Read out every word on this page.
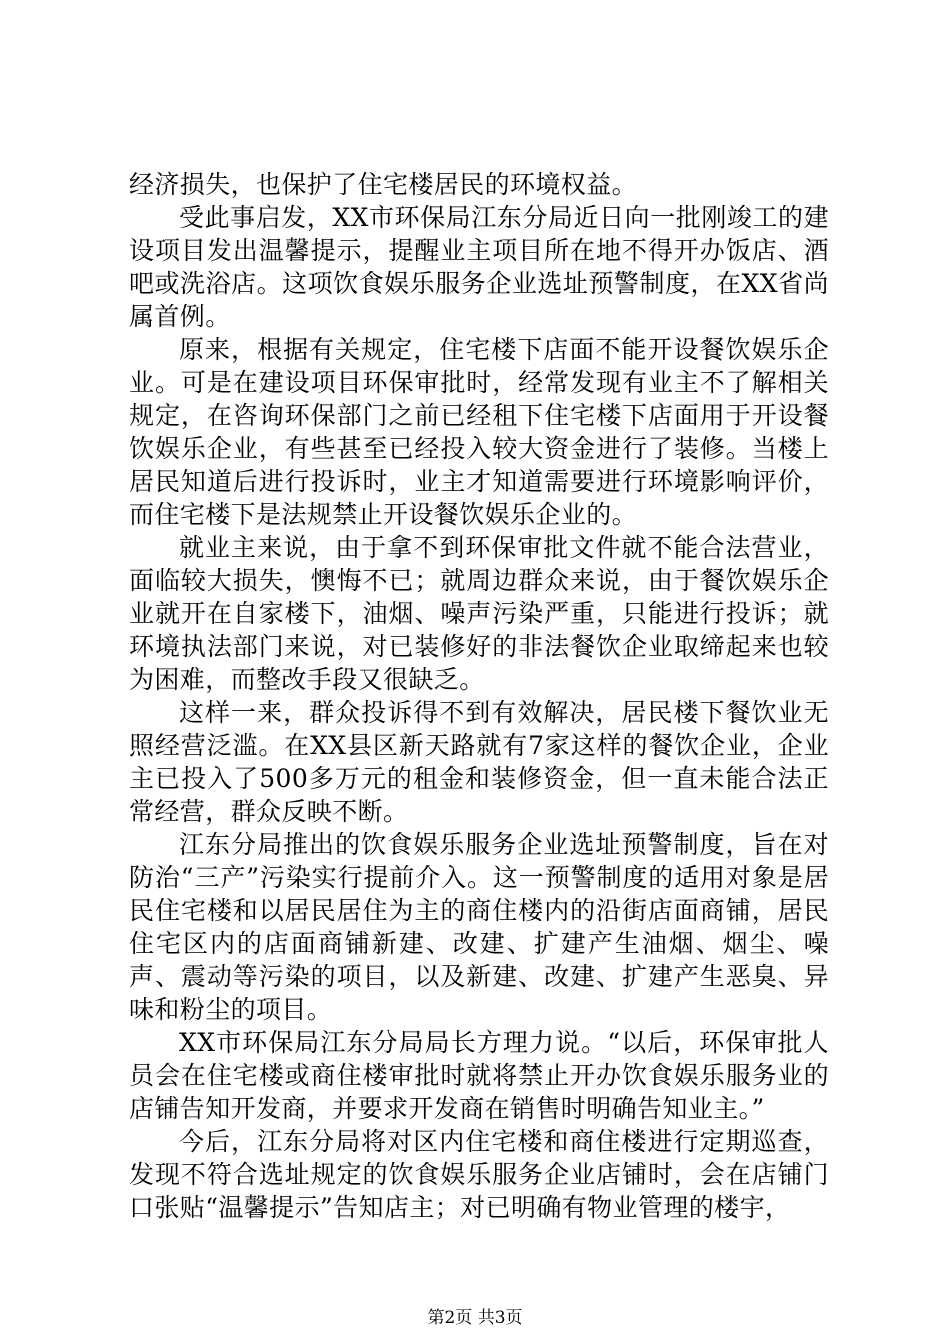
经济损失，也保护了住宅楼居民的环境权益。

受此事启发，XX市环保局江东分局近日向一批刚竣工的建设项目发出温馨提示，提醒业主项目所在地不得开办饭店、酒吧或洗浴店。这项饮食娱乐服务企业选址预警制度，在XX省尚属首例。

原来，根据有关规定，住宅楼下店面不能开设餐饮娱乐企业。可是在建设项目环保审批时，经常发现有业主不了解相关规定，在咨询环保部门之前已经租下住宅楼下店面用于开设餐饮娱乐企业，有些甚至已经投入较大资金进行了装修。当楼上居民知道后进行投诉时，业主才知道需要进行环境影响评价，而住宅楼下是法规禁止开设餐饮娱乐企业的。

就业主来说，由于拿不到环保审批文件就不能合法营业，面临较大损失，懊悔不已；就周边群众来说，由于餐饮娱乐企业就开在自家楼下，油烟、噪声污染严重，只能进行投诉；就环境执法部门来说，对已装修好的非法餐饮企业取缔起来也较为困难，而整改手段又很缺乏。

这样一来，群众投诉得不到有效解决，居民楼下餐饮业无照经营泛滥。在XX县区新天路就有7家这样的餐饮企业，企业主已投入了500多万元的租金和装修资金，但一直未能合法正常经营，群众反映不断。

江东分局推出的饮食娱乐服务企业选址预警制度，旨在对防治“三产”污染实行提前介入。这一预警制度的适用对象是居民住宅楼和以居民居住为主的商住楼内的沿街店面商铺，居民住宅区内的店面商铺新建、改建、扩建产生油烟、烟尘、噪声、震动等污染的项目，以及新建、改建、扩建产生恶臭、异味和粉尘的项目。

XX市环保局江东分局局长方理力说。“以后，环保审批人员会在住宅楼或商住楼审批时就将禁止开办饮食娱乐服务业的店铺告知开发商，并要求开发商在销售时明确告知业主。”

今后，江东分局将对区内住宅楼和商住楼进行定期巡查，发现不符合选址规定的饮食娱乐服务企业店铺时，会在店铺门口张贴“温馨提示”告知店主；对已明确有物业管理的楼宇，

第2页 共3页
